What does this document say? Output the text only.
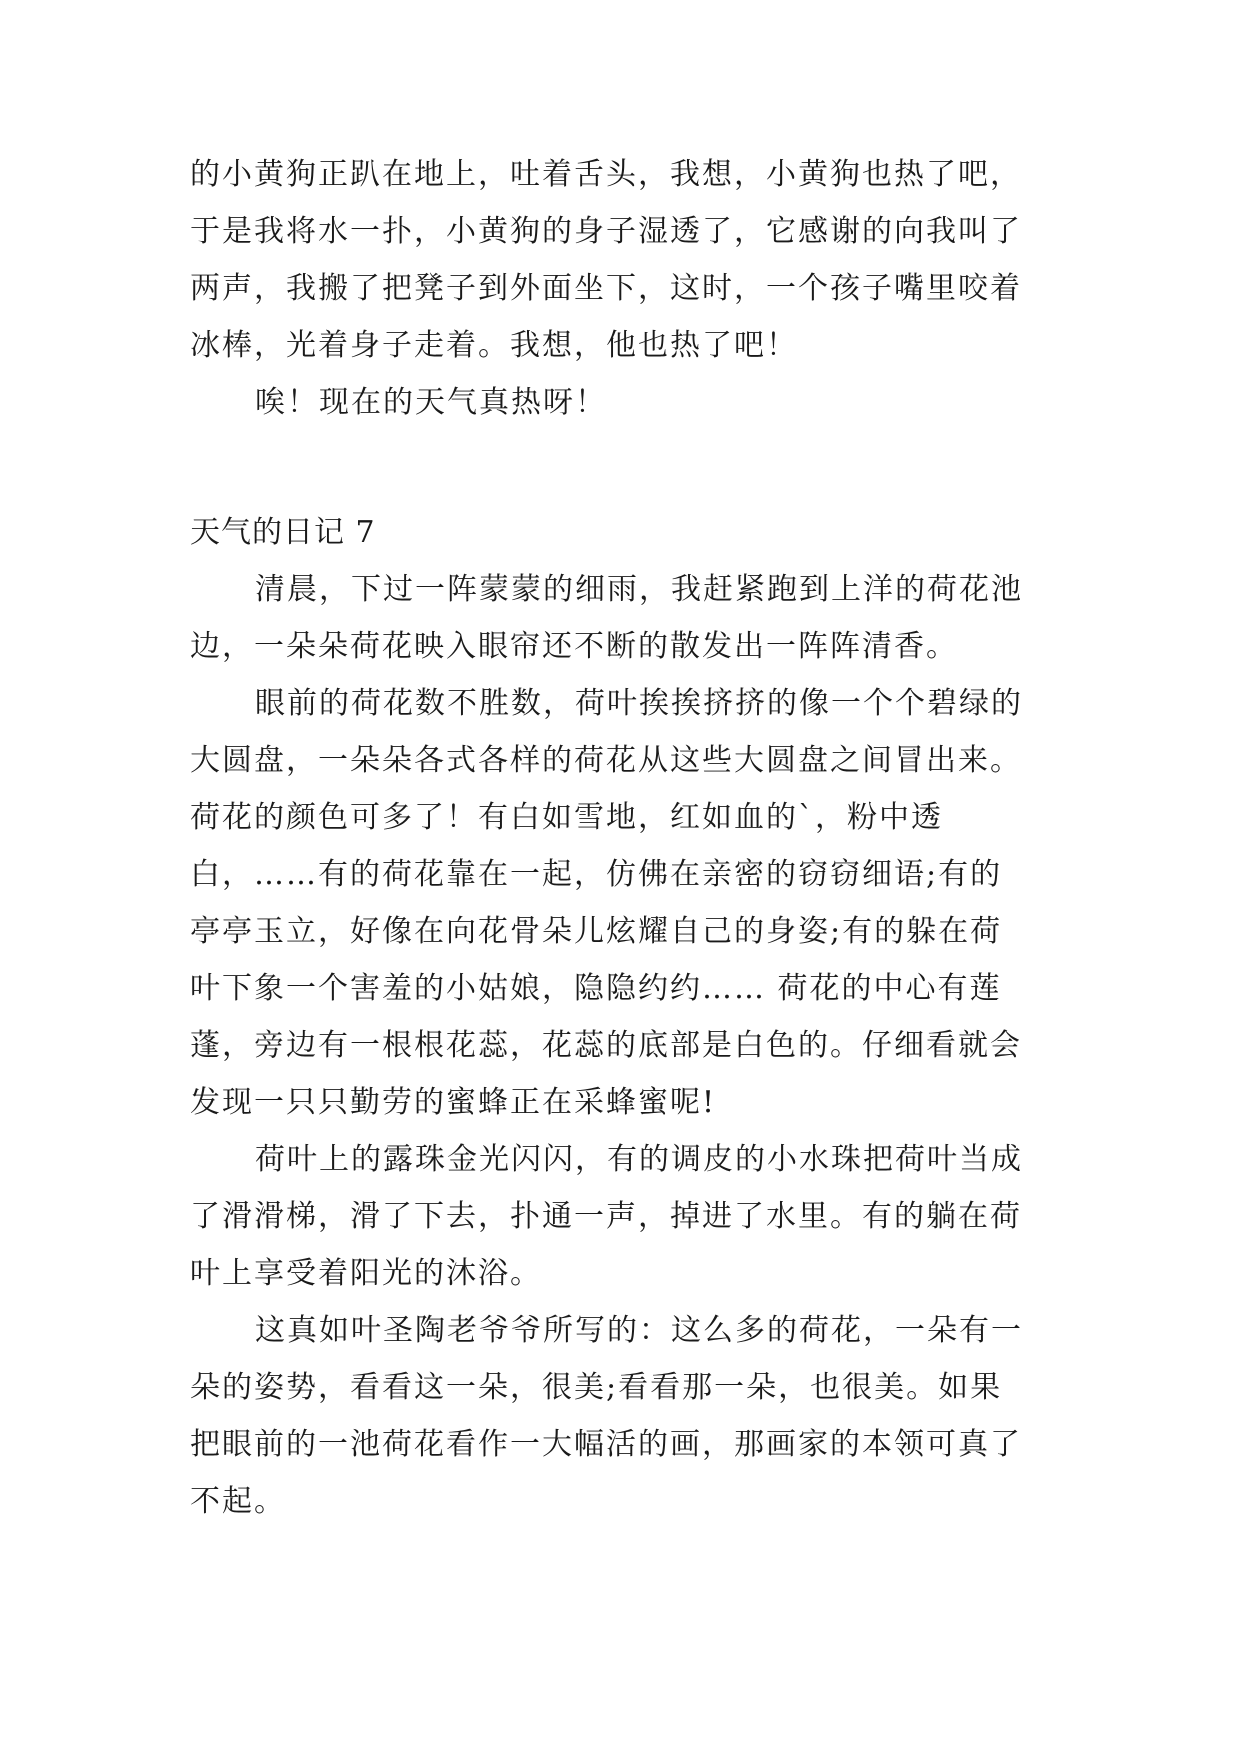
的小黄狗正趴在地上，吐着舌头，我想，小黄狗也热了吧，
于是我将水一扑，小黄狗的身子湿透了，它感谢的向我叫了
两声，我搬了把凳子到外面坐下，这时，一个孩子嘴里咬着
冰棒，光着身子走着。我想，他也热了吧！
唉！现在的天气真热呀！
天气的日记 7
清晨，下过一阵蒙蒙的细雨，我赶紧跑到上洋的荷花池
边，一朵朵荷花映入眼帘还不断的散发出一阵阵清香。
眼前的荷花数不胜数，荷叶挨挨挤挤的像一个个碧绿的
大圆盘，一朵朵各式各样的荷花从这些大圆盘之间冒出来。
荷花的颜色可多了！有白如雪地，红如血的`，粉中透
白，……有的荷花靠在一起，仿佛在亲密的窃窃细语;有的
亭亭玉立，好像在向花骨朵儿炫耀自己的身姿;有的躲在荷
叶下象一个害羞的小姑娘，隐隐约约…… 荷花的中心有莲
蓬，旁边有一根根花蕊，花蕊的底部是白色的。仔细看就会
发现一只只勤劳的蜜蜂正在采蜂蜜呢!
荷叶上的露珠金光闪闪，有的调皮的小水珠把荷叶当成
了滑滑梯，滑了下去，扑通一声，掉进了水里。有的躺在荷
叶上享受着阳光的沐浴。
这真如叶圣陶老爷爷所写的：这么多的荷花，一朵有一
朵的姿势，看看这一朵，很美;看看那一朵，也很美。如果
把眼前的一池荷花看作一大幅活的画，那画家的本领可真了
不起。
